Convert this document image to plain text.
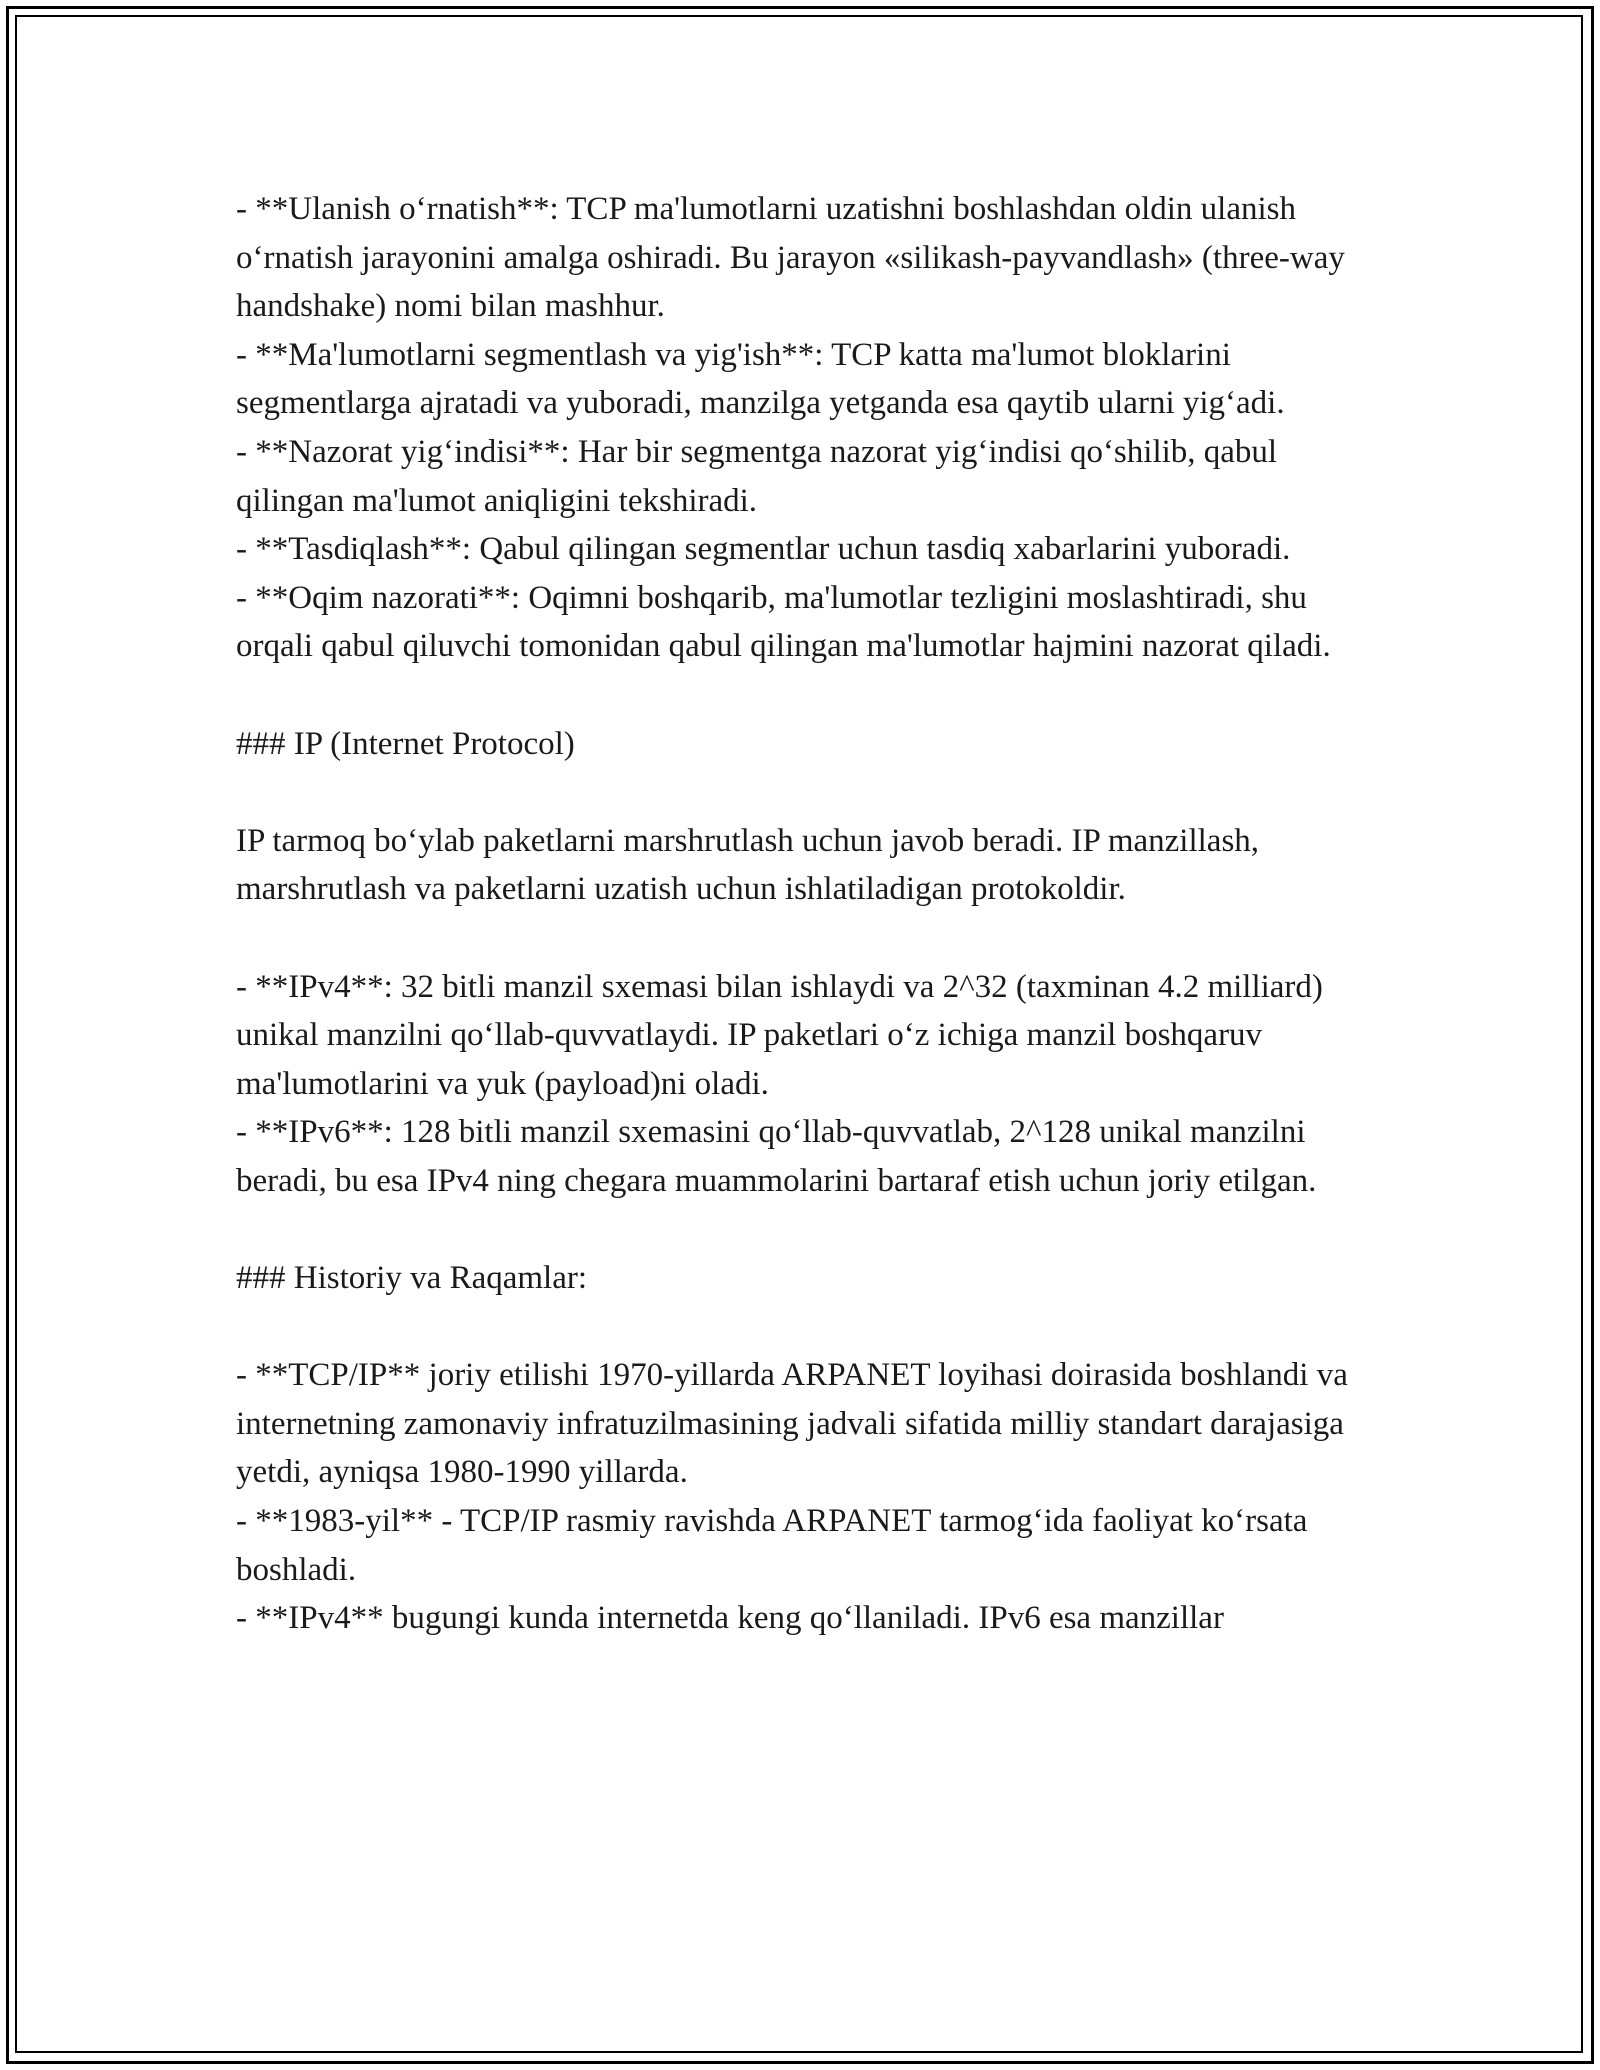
- **Ulanish o‘rnatish**: TCP ma'lumotlarni uzatishni boshlashdan oldin ulanish o‘rnatish jarayonini amalga oshiradi. Bu jarayon «silikash-payvandlash» (three-way handshake) nomi bilan mashhur.

- **Ma'lumotlarni segmentlash va yig'ish**: TCP katta ma'lumot bloklarini segmentlarga ajratadi va yuboradi, manzilga yetganda esa qaytib ularni yig‘adi.

- **Nazorat yig‘indisi**: Har bir segmentga nazorat yig‘indisi qo‘shilib, qabul qilingan ma'lumot aniqligini tekshiradi.

- **Tasdiqlash**: Qabul qilingan segmentlar uchun tasdiq xabarlarini yuboradi.

- **Oqim nazorati**: Oqimni boshqarib, ma'lumotlar tezligini moslashtiradi, shu orqali qabul qiluvchi tomonidan qabul qilingan ma'lumotlar hajmini nazorat qiladi.

### IP (Internet Protocol)

IP tarmoq bo‘ylab paketlarni marshrutlash uchun javob beradi. IP manzillash, marshrutlash va paketlarni uzatish uchun ishlatiladigan protokoldir.

- **IPv4**: 32 bitli manzil sxemasi bilan ishlaydi va 2^32 (taxminan 4.2 milliard) unikal manzilni qo‘llab-quvvatlaydi. IP paketlari o‘z ichiga manzil boshqaruv ma'lumotlarini va yuk (payload)ni oladi.

- **IPv6**: 128 bitli manzil sxemasini qo‘llab-quvvatlab, 2^128 unikal manzilni beradi, bu esa IPv4 ning chegara muammolarini bartaraf etish uchun joriy etilgan.

### Historiy va Raqamlar:

- **TCP/IP** joriy etilishi 1970-yillarda ARPANET loyihasi doirasida boshlandi va internetning zamonaviy infratuzilmasining jadvali sifatida milliy standart darajasiga yetdi, ayniqsa 1980-1990 yillarda.

- **1983-yil** - TCP/IP rasmiy ravishda ARPANET tarmog‘ida faoliyat ko‘rsata boshladi.

- **IPv4** bugungi kunda internetda keng qo‘llaniladi. IPv6 esa manzillar
